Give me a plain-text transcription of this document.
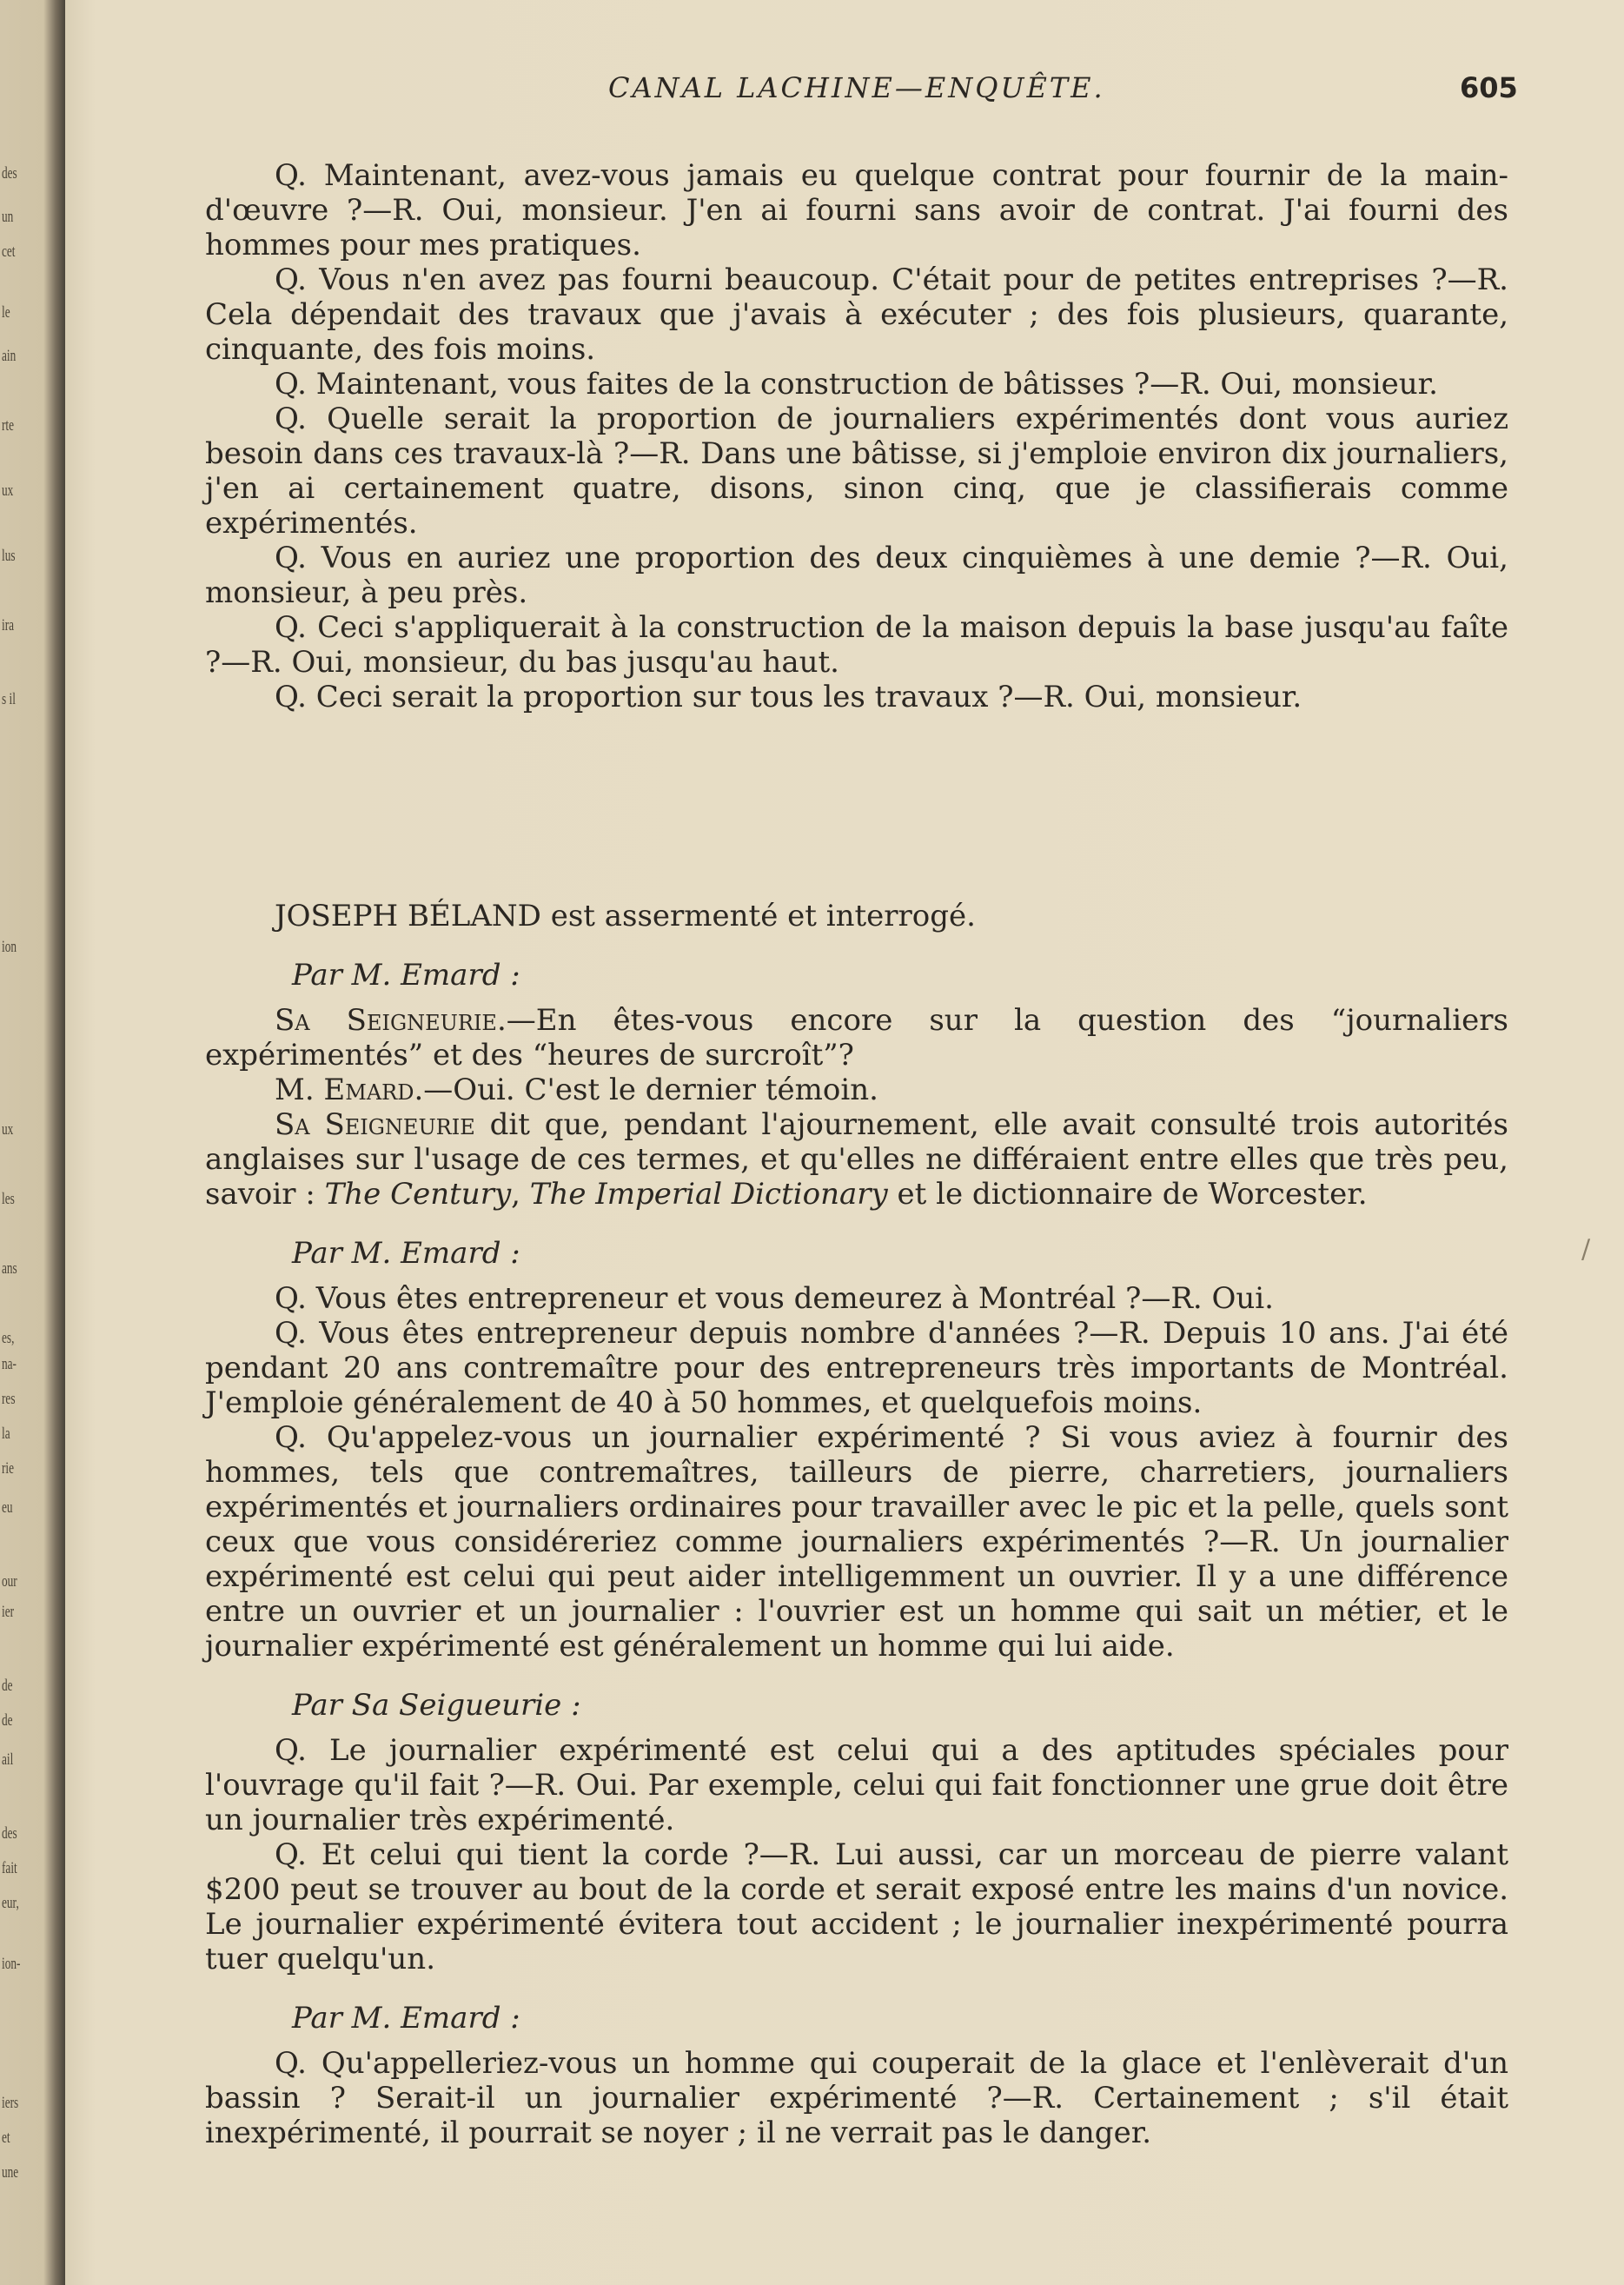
des
un
cet
le
ain
rte
ux
lus
ira
s il
ion
ux
les
ans
es,
na-
res
la
rie
eu
our
ier
de
de
ail
des
fait
eur,
ion-
iers
et
une
CANAL LACHINE—ENQUÊTE.	605

Q. Maintenant, avez-vous jamais eu quelque contrat pour fournir de la main-d'œuvre ?—R. Oui, monsieur. J'en ai fourni sans avoir de contrat. J'ai fourni des hommes pour mes pratiques.

Q. Vous n'en avez pas fourni beaucoup. C'était pour de petites entreprises ?—R. Cela dépendait des travaux que j'avais à exécuter ; des fois plusieurs, quarante, cinquante, des fois moins.

Q. Maintenant, vous faites de la construction de bâtisses ?—R. Oui, monsieur.

Q. Quelle serait la proportion de journaliers expérimentés dont vous auriez besoin dans ces travaux-là ?—R. Dans une bâtisse, si j'emploie environ dix journaliers, j'en ai certainement quatre, disons, sinon cinq, que je classifierais comme expérimentés.

Q. Vous en auriez une proportion des deux cinquièmes à une demie ?—R. Oui, monsieur, à peu près.

Q. Ceci s'appliquerait à la construction de la maison depuis la base jusqu'au faîte ?—R. Oui, monsieur, du bas jusqu'au haut.

Q. Ceci serait la proportion sur tous les travaux ?—R. Oui, monsieur.

JOSEPH BÉLAND est assermenté et interrogé.

Par M. Emard :

Sa Seigneurie.—En êtes-vous encore sur la question des “journaliers expérimentés” et des “heures de surcroît”?

M. Emard.—Oui. C'est le dernier témoin.

Sa Seigneurie dit que, pendant l'ajournement, elle avait consulté trois autorités anglaises sur l'usage de ces termes, et qu'elles ne différaient entre elles que très peu, savoir : The Century, The Imperial Dictionary et le dictionnaire de Worcester.

Par M. Emard :

Q. Vous êtes entrepreneur et vous demeurez à Montréal ?—R. Oui.

Q. Vous êtes entrepreneur depuis nombre d'années ?—R. Depuis 10 ans. J'ai été pendant 20 ans contremaître pour des entrepreneurs très importants de Montréal. J'emploie généralement de 40 à 50 hommes, et quelquefois moins.

Q. Qu'appelez-vous un journalier expérimenté ? Si vous aviez à fournir des hommes, tels que contremaîtres, tailleurs de pierre, charretiers, journaliers expérimentés et journaliers ordinaires pour travailler avec le pic et la pelle, quels sont ceux que vous considéreriez comme journaliers expérimentés ?—R. Un journalier expérimenté est celui qui peut aider intelligemment un ouvrier. Il y a une différence entre un ouvrier et un journalier : l'ouvrier est un homme qui sait un métier, et le journalier expérimenté est généralement un homme qui lui aide.

Par Sa Seigueurie :

Q. Le journalier expérimenté est celui qui a des aptitudes spéciales pour l'ouvrage qu'il fait ?—R. Oui. Par exemple, celui qui fait fonctionner une grue doit être un journalier très expérimenté.

Q. Et celui qui tient la corde ?—R. Lui aussi, car un morceau de pierre valant $200 peut se trouver au bout de la corde et serait exposé entre les mains d'un novice. Le journalier expérimenté évitera tout accident ; le journalier inexpérimenté pourra tuer quelqu'un.

Par M. Emard :

Q. Qu'appelleriez-vous un homme qui couperait de la glace et l'enlèverait d'un bassin ? Serait-il un journalier expérimenté ?—R. Certainement ; s'il était inexpérimenté, il pourrait se noyer ; il ne verrait pas le danger.

/
